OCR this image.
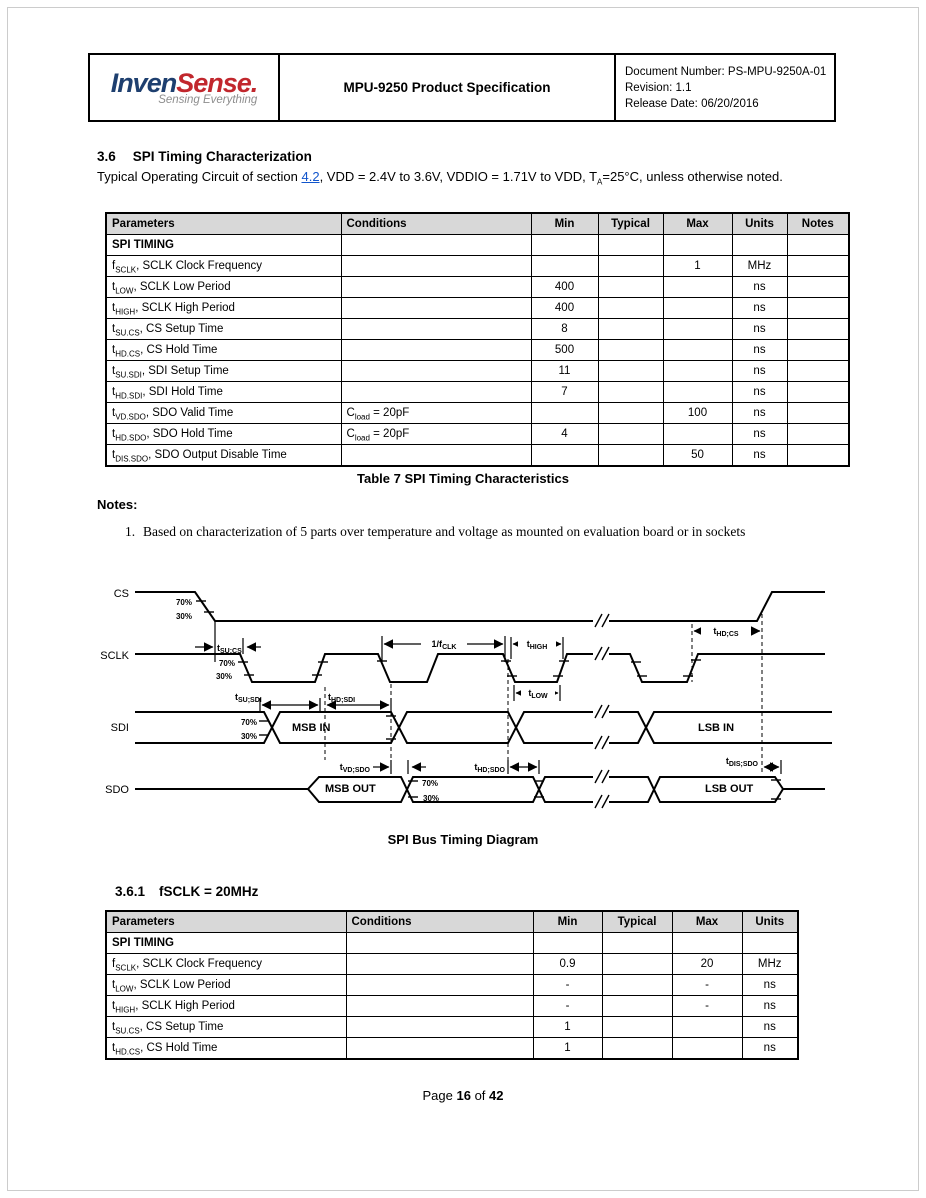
InvenSense.
Sensing Everything
MPU-9250 Product Specification
Document Number: PS-MPU-9250A-01
Revision: 1.1
Release Date: 06/20/2016
3.6 SPI Timing Characterization
Typical Operating Circuit of section 4.2, VDD = 2.4V to 3.6V, VDDIO = 1.71V to VDD, $T_A=25^\circ C$, unless otherwise noted.
Parameters	Conditions	Min	Typical	Max	Units	Notes
SPI TIMING						
$f_{SCLK}$, SCLK Clock Frequency				1	MHz	
$t_{LOW}$, SCLK Low Period		400			ns	
$t_{HIGH}$, SCLK High Period		400			ns	
$t_{SU.CS}$, CS Setup Time		8			ns	
$t_{HD.CS}$, CS Hold Time		500			ns	
$t_{SU.SDI}$, SDI Setup Time		11			ns	
$t_{HD.SDI}$, SDI Hold Time		7			ns	
$t_{VD.SDO}$, SDO Valid Time	$C_{load} = 20pF$			100	ns	
$t_{HD.SDO}$, SDO Hold Time	$C_{load} = 20pF$	4			ns	
$t_{DIS.SDO}$, SDO Output Disable Time				50	ns	
Table 7 SPI Timing Characteristics
Notes:
1. Based on characterization of 5 parts over temperature and voltage as mounted on evaluation board or in sockets
CS
SCLK
SDI
SDO
70%
30%
70%
30%
70%
30%
70%
30%
$t_{SU;CS}$
$t_{SU;SDI}$	$t_{HD;SDI}$
$1/f_{CLK}$	$t_{HIGH}$
$t_{LOW}$
$t_{HD;CS}$
$t_{VD;SDO}$	$t_{HD;SDO}$
$t_{DIS;SDO}$
MSB IN	LSB IN
MSB OUT	LSB OUT
SPI Bus Timing Diagram
3.6.1 fSCLK = 20MHz
Parameters	Conditions	Min	Typical	Max	Units
SPI TIMING					
$f_{SCLK}$, SCLK Clock Frequency		0.9		20	MHz
$t_{LOW}$, SCLK Low Period		-		-	ns
$t_{HIGH}$, SCLK High Period		-		-	ns
$t_{SU.CS}$, CS Setup Time		1			ns
$t_{HD.CS}$, CS Hold Time		1			ns
Page 16 of 42
